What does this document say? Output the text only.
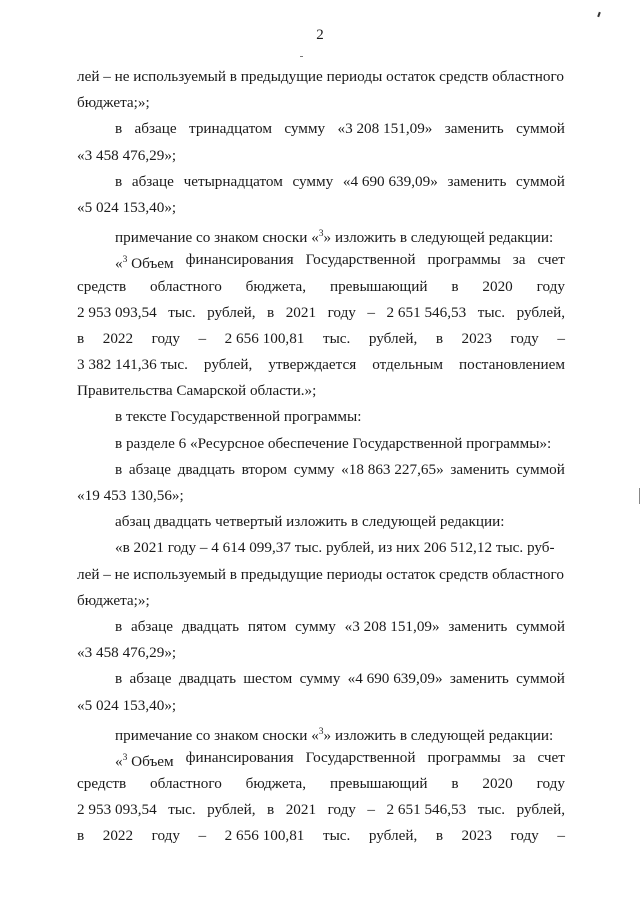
2
лей – не используемый в предыдущие периоды остаток средств областного
бюджета;»;
в абзаце тринадцатом сумму «3 208 151,09» заменить суммой
«3 458 476,29»;
в абзаце четырнадцатом сумму «4 690 639,09» заменить суммой
«5 024 153,40»;
примечание со знаком сноски «$^3$» изложить в следующей редакции:
«$^3$ Объем финансирования Государственной программы за счет
средств областного бюджета, превышающий в 2020 году
2 953 093,54 тыс. рублей, в 2021 году – 2 651 546,53 тыс. рублей,
в 2022 году – 2 656 100,81 тыс. рублей, в 2023 году –
3 382 141,36 тыс. рублей, утверждается отдельным постановлением
Правительства Самарской области.»;
в тексте Государственной программы:
в разделе 6 «Ресурсное обеспечение Государственной программы»:
в абзаце двадцать втором сумму «18 863 227,65» заменить суммой
«19 453 130,56»;
абзац двадцать четвертый изложить в следующей редакции:
«в 2021 году – 4 614 099,37 тыс. рублей, из них 206 512,12 тыс. руб-
лей – не используемый в предыдущие периоды остаток средств областного
бюджета;»;
в абзаце двадцать пятом сумму «3 208 151,09» заменить суммой
«3 458 476,29»;
в абзаце двадцать шестом сумму «4 690 639,09» заменить суммой
«5 024 153,40»;
примечание со знаком сноски «$^3$» изложить в следующей редакции:
«$^3$ Объем финансирования Государственной программы за счет
средств областного бюджета, превышающий в 2020 году
2 953 093,54 тыс. рублей, в 2021 году – 2 651 546,53 тыс. рублей,
в 2022 году – 2 656 100,81 тыс. рублей, в 2023 году –
